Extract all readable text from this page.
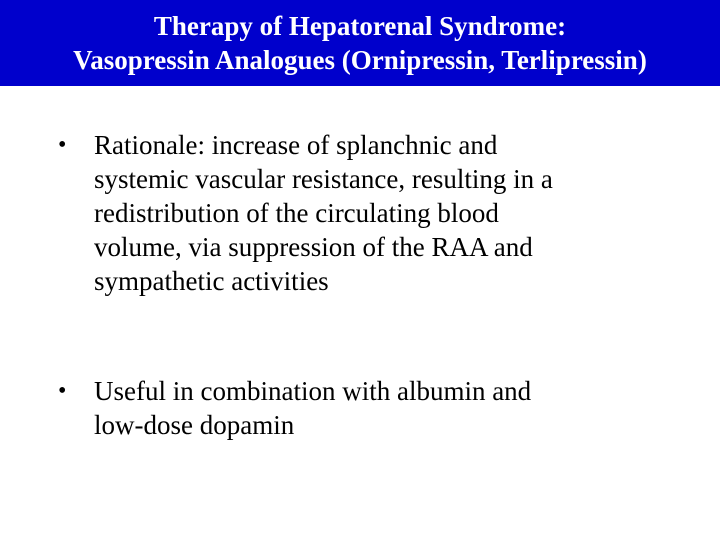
Therapy of Hepatorenal Syndrome:
Vasopressin Analogues (Ornipressin, Terlipressin)
•	Rationale: increase of splanchnic and
systemic vascular resistance, resulting in a
redistribution of the circulating blood
volume, via suppression of the RAA and
sympathetic activities
•	Useful in combination with albumin and
low-dose dopamin
